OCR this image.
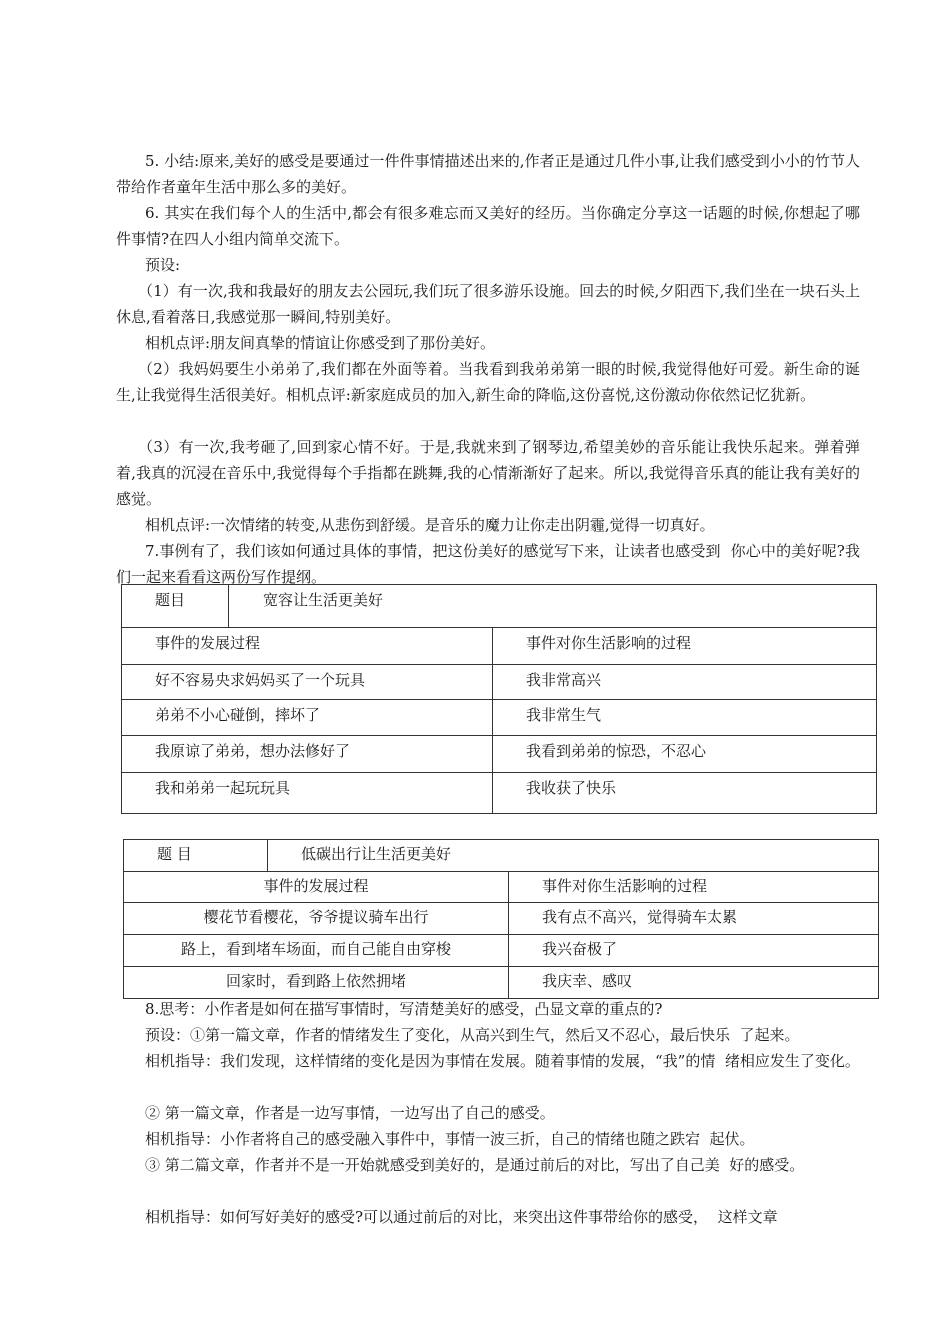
5. 小结:原来,美好的感受是要通过一件件事情描述出来的,作者正是通过几件小事,让我们感受到小小的竹节人带给作者童年生活中那么多的美好。

6. 其实在我们每个人的生活中,都会有很多难忘而又美好的经历。当你确定分享这一话题的时候,你想起了哪件事情?在四人小组内简单交流下。

预设:

（1）有一次,我和我最好的朋友去公园玩,我们玩了很多游乐设施。回去的时候,夕阳西下,我们坐在一块石头上休息,看着落日,我感觉那一瞬间,特别美好。

相机点评:朋友间真挚的情谊让你感受到了那份美好。

（2）我妈妈要生小弟弟了,我们都在外面等着。当我看到我弟弟第一眼的时候,我觉得他好可爱。新生命的诞生,让我觉得生活很美好。相机点评:新家庭成员的加入,新生命的降临,这份喜悦,这份激动你依然记忆犹新。

（3）有一次,我考砸了,回到家心情不好。于是,我就来到了钢琴边,希望美妙的音乐能让我快乐起来。弹着弹着,我真的沉浸在音乐中,我觉得每个手指都在跳舞,我的心情渐渐好了起来。所以,我觉得音乐真的能让我有美好的感觉。

相机点评:一次情绪的转变,从悲伤到舒缓。是音乐的魔力让你走出阴霾,觉得一切真好。

7.事例有了，我们该如何通过具体的事情，把这份美好的感觉写下来，让读者也感受到  你心中的美好呢?我们一起来看看这两份写作提纲。

题目	宽容让生活更美好	
事件的发展过程		事件对你生活影响的过程
好不容易央求妈妈买了一个玩具		我非常高兴
弟弟不小心碰倒，摔坏了		我非常生气
我原谅了弟弟，想办法修好了		我看到弟弟的惊恐，不忍心
我和弟弟一起玩玩具		我收获了快乐
题 目	低碳出行让生活更美好	
事件的发展过程		事件对你生活影响的过程
樱花节看樱花，爷爷提议骑车出行		我有点不高兴，觉得骑车太累
路上，看到堵车场面，而自己能自由穿梭		我兴奋极了
回家时，看到路上依然拥堵		我庆幸、感叹

8.思考：小作者是如何在描写事情时，写清楚美好的感受，凸显文章的重点的?

预设：①第一篇文章，作者的情绪发生了变化，从高兴到生气，然后又不忍心，最后快乐  了起来。

相机指导：我们发现，这样情绪的变化是因为事情在发展。随着事情的发展，“我”的情  绪相应发生了变化。

② 第一篇文章，作者是一边写事情，一边写出了自己的感受。

相机指导：小作者将自己的感受融入事件中，事情一波三折，自己的情绪也随之跌宕  起伏。

③ 第二篇文章，作者并不是一开始就感受到美好的，是通过前后的对比，写出了自己美  好的感受。

相机指导：如何写好美好的感受?可以通过前后的对比，来突出这件事带给你的感受，  这样文章
